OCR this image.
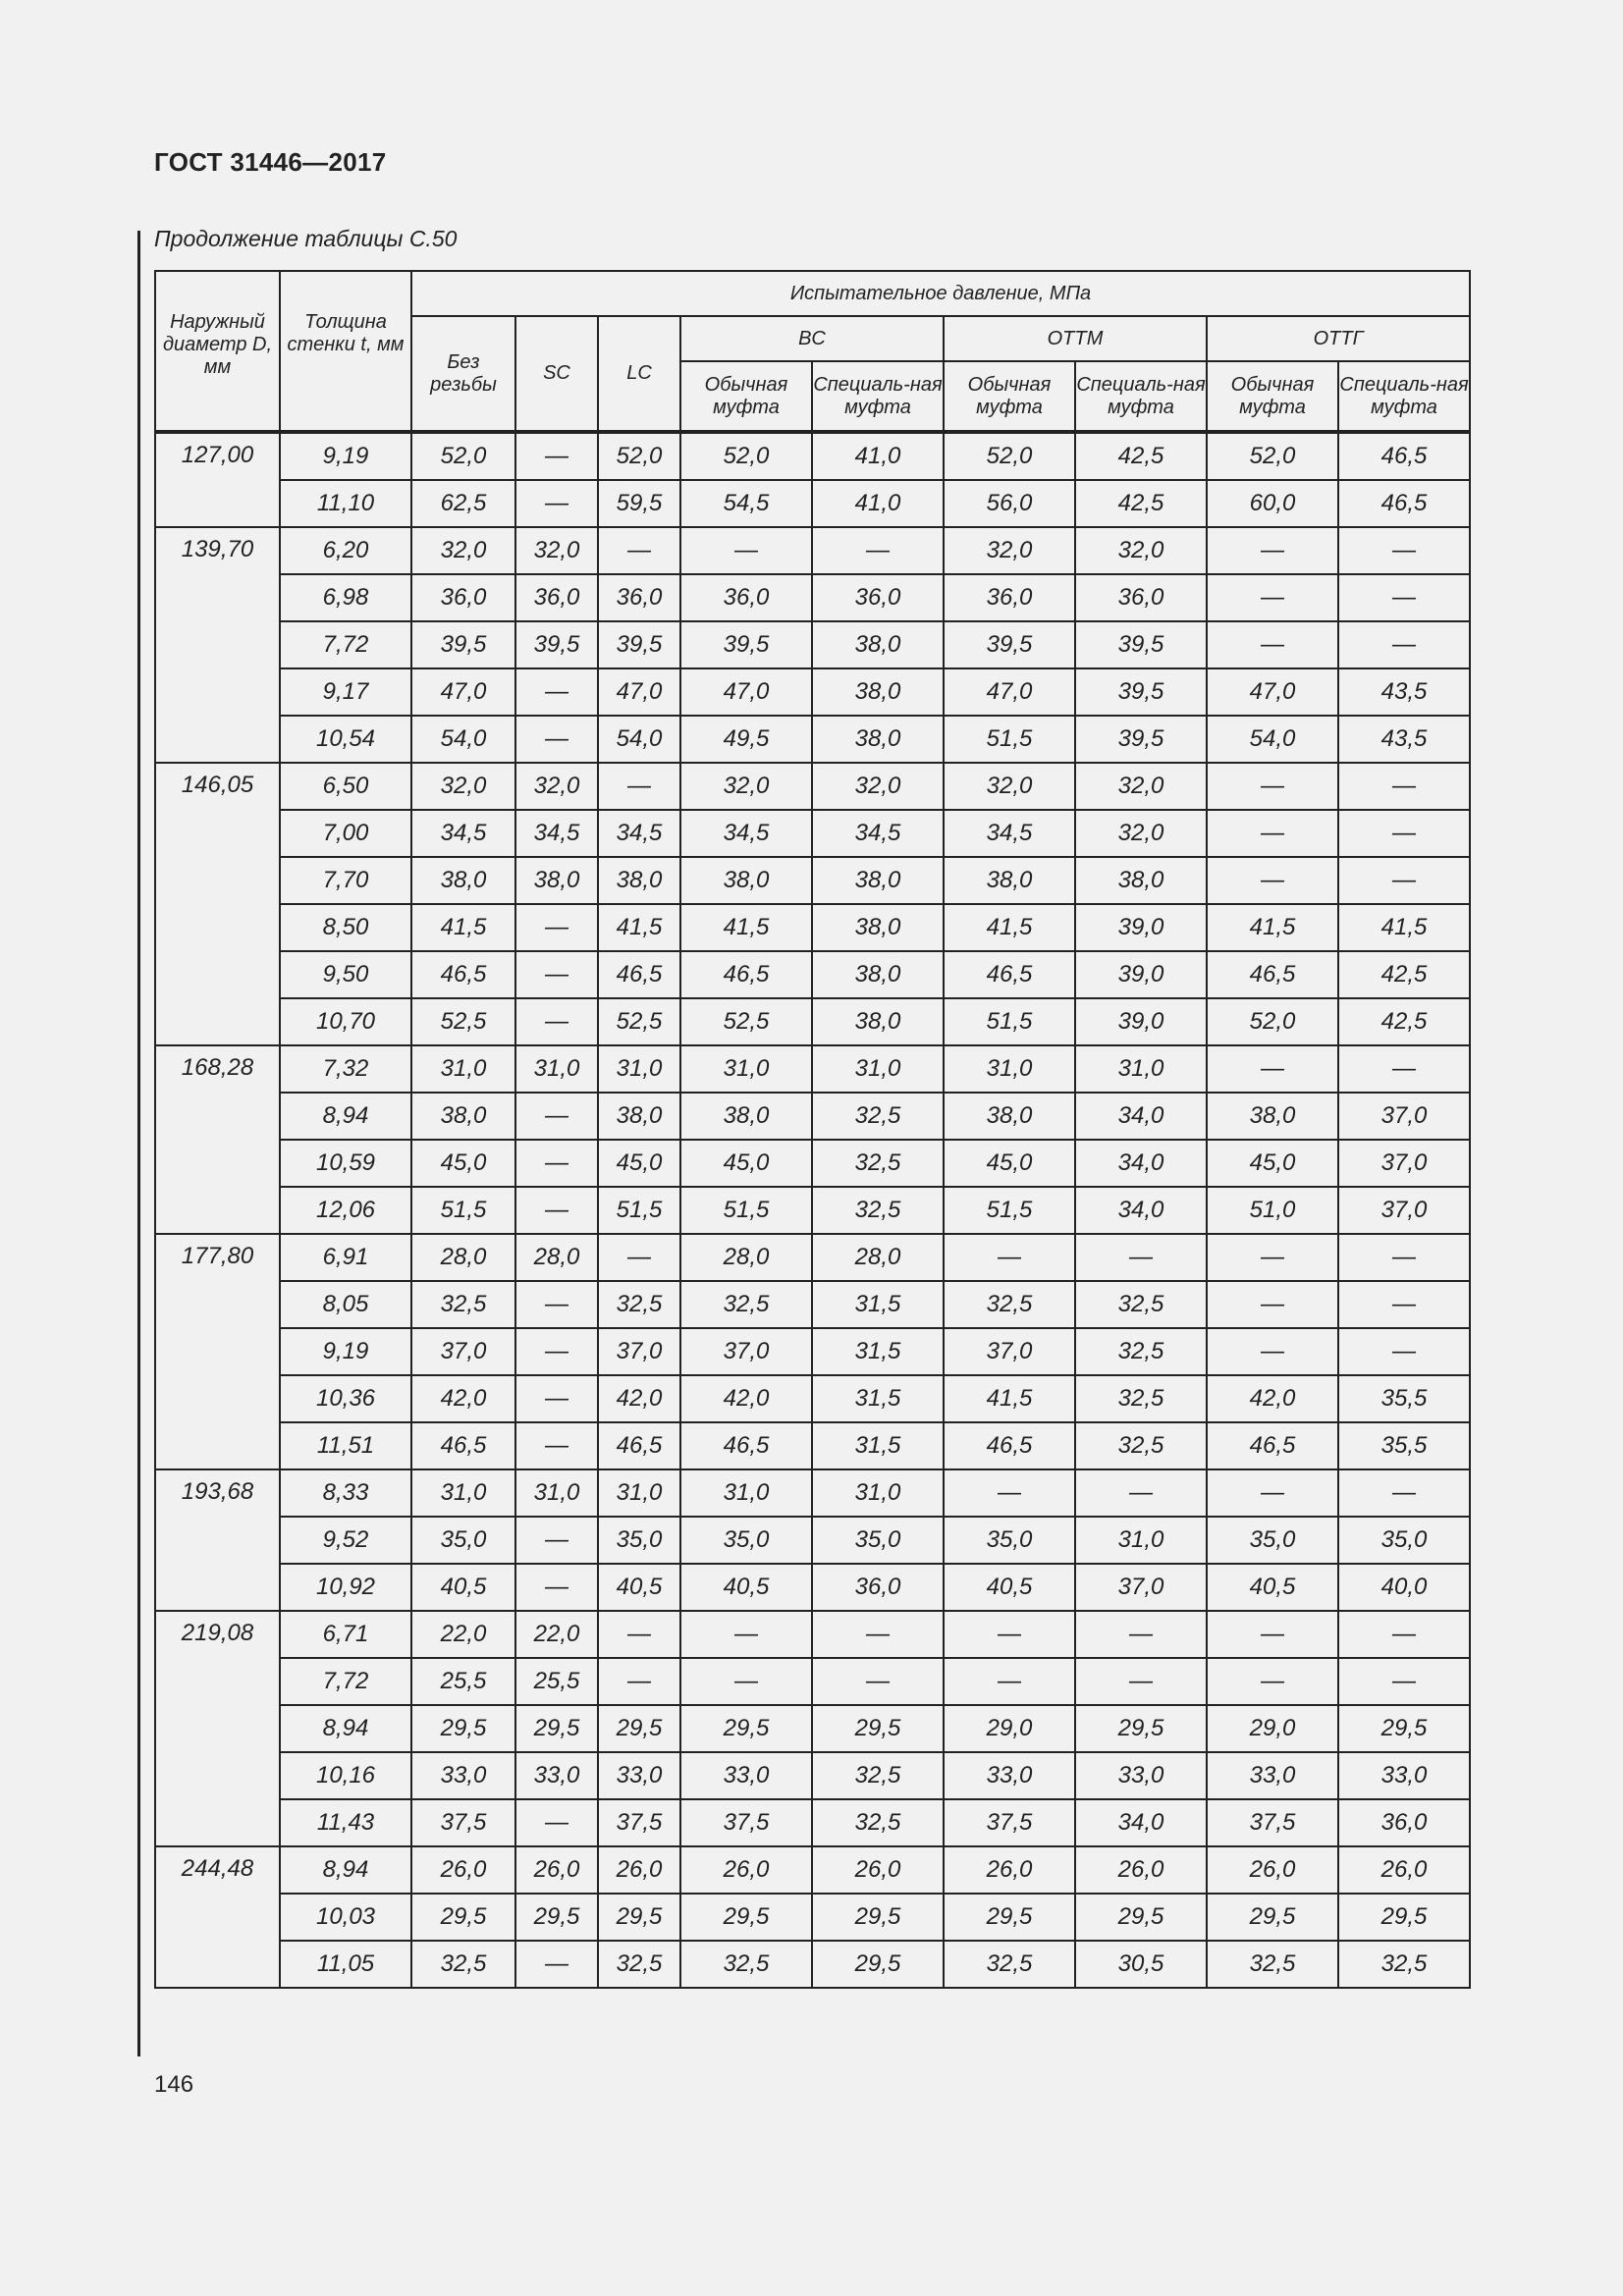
ГОСТ 31446—2017
Продолжение таблицы С.50
Наружный диаметр D, мм	Толщина стенки t, мм	Испытательное давление, МПа								
		Без резьбы	SC	LC	BC		ОТТМ		ОТТГ	
					Обычная муфта	Специаль-ная муфта	Обычная муфта	Специаль-ная муфта	Обычная муфта	Специаль-ная муфта
127,00	9,19	52,0	—	52,0	52,0	41,0	52,0	42,5	52,0	46,5
	11,10	62,5	—	59,5	54,5	41,0	56,0	42,5	60,0	46,5
139,70	6,20	32,0	32,0	—	—	—	32,0	32,0	—	—
	6,98	36,0	36,0	36,0	36,0	36,0	36,0	36,0	—	—
	7,72	39,5	39,5	39,5	39,5	38,0	39,5	39,5	—	—
	9,17	47,0	—	47,0	47,0	38,0	47,0	39,5	47,0	43,5
	10,54	54,0	—	54,0	49,5	38,0	51,5	39,5	54,0	43,5
146,05	6,50	32,0	32,0	—	32,0	32,0	32,0	32,0	—	—
	7,00	34,5	34,5	34,5	34,5	34,5	34,5	32,0	—	—
	7,70	38,0	38,0	38,0	38,0	38,0	38,0	38,0	—	—
	8,50	41,5	—	41,5	41,5	38,0	41,5	39,0	41,5	41,5
	9,50	46,5	—	46,5	46,5	38,0	46,5	39,0	46,5	42,5
	10,70	52,5	—	52,5	52,5	38,0	51,5	39,0	52,0	42,5
168,28	7,32	31,0	31,0	31,0	31,0	31,0	31,0	31,0	—	—
	8,94	38,0	—	38,0	38,0	32,5	38,0	34,0	38,0	37,0
	10,59	45,0	—	45,0	45,0	32,5	45,0	34,0	45,0	37,0
	12,06	51,5	—	51,5	51,5	32,5	51,5	34,0	51,0	37,0
177,80	6,91	28,0	28,0	—	28,0	28,0	—	—	—	—
	8,05	32,5	—	32,5	32,5	31,5	32,5	32,5	—	—
	9,19	37,0	—	37,0	37,0	31,5	37,0	32,5	—	—
	10,36	42,0	—	42,0	42,0	31,5	41,5	32,5	42,0	35,5
	11,51	46,5	—	46,5	46,5	31,5	46,5	32,5	46,5	35,5
193,68	8,33	31,0	31,0	31,0	31,0	31,0	—	—	—	—
	9,52	35,0	—	35,0	35,0	35,0	35,0	31,0	35,0	35,0
	10,92	40,5	—	40,5	40,5	36,0	40,5	37,0	40,5	40,0
219,08	6,71	22,0	22,0	—	—	—	—	—	—	—
	7,72	25,5	25,5	—	—	—	—	—	—	—
	8,94	29,5	29,5	29,5	29,5	29,5	29,0	29,5	29,0	29,5
	10,16	33,0	33,0	33,0	33,0	32,5	33,0	33,0	33,0	33,0
	11,43	37,5	—	37,5	37,5	32,5	37,5	34,0	37,5	36,0
244,48	8,94	26,0	26,0	26,0	26,0	26,0	26,0	26,0	26,0	26,0
	10,03	29,5	29,5	29,5	29,5	29,5	29,5	29,5	29,5	29,5
	11,05	32,5	—	32,5	32,5	29,5	32,5	30,5	32,5	32,5
146
